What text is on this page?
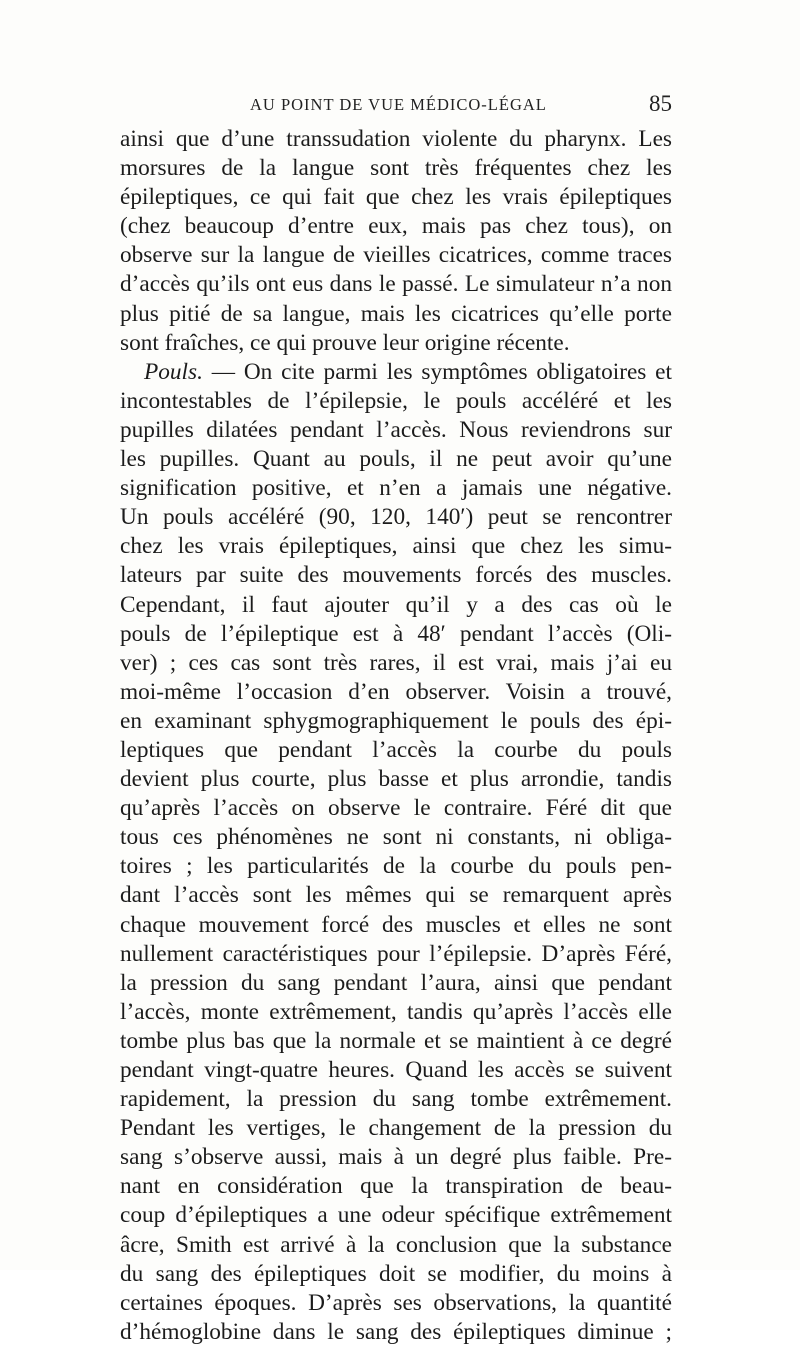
AU POINT DE VUE MÉDICO-LÉGAL	85
ainsi que d’une transsudation violente du pharynx. Les
morsures de la langue sont très fréquentes chez les
épileptiques, ce qui fait que chez les vrais épileptiques
(chez beaucoup d’entre eux, mais pas chez tous), on
observe sur la langue de vieilles cicatrices, comme traces
d’accès qu’ils ont eus dans le passé. Le simulateur n’a non
plus pitié de sa langue, mais les cicatrices qu’elle porte
sont fraîches, ce qui prouve leur origine récente.
Pouls. — On cite parmi les symptômes obligatoires et
incontestables de l’épilepsie, le pouls accéléré et les
pupilles dilatées pendant l’accès. Nous reviendrons sur
les pupilles. Quant au pouls, il ne peut avoir qu’une
signification positive, et n’en a jamais une négative.
Un pouls accéléré (90, 120, 140′) peut se rencontrer
chez les vrais épileptiques, ainsi que chez les simu-
lateurs par suite des mouvements forcés des muscles.
Cependant, il faut ajouter qu’il y a des cas où le
pouls de l’épileptique est à 48′ pendant l’accès (Oli-
ver) ; ces cas sont très rares, il est vrai, mais j’ai eu
moi-même l’occasion d’en observer. Voisin a trouvé,
en examinant sphygmographiquement le pouls des épi-
leptiques que pendant l’accès la courbe du pouls
devient plus courte, plus basse et plus arrondie, tandis
qu’après l’accès on observe le contraire. Féré dit que
tous ces phénomènes ne sont ni constants, ni obliga-
toires ; les particularités de la courbe du pouls pen-
dant l’accès sont les mêmes qui se remarquent après
chaque mouvement forcé des muscles et elles ne sont
nullement caractéristiques pour l’épilepsie. D’après Féré,
la pression du sang pendant l’aura, ainsi que pendant
l’accès, monte extrêmement, tandis qu’après l’accès elle
tombe plus bas que la normale et se maintient à ce degré
pendant vingt-quatre heures. Quand les accès se suivent
rapidement, la pression du sang tombe extrêmement.
Pendant les vertiges, le changement de la pression du
sang s’observe aussi, mais à un degré plus faible. Pre-
nant en considération que la transpiration de beau-
coup d’épileptiques a une odeur spécifique extrêmement
âcre, Smith est arrivé à la conclusion que la substance
du sang des épileptiques doit se modifier, du moins à
certaines époques. D’après ses observations, la quantité
d’hémoglobine dans le sang des épileptiques diminue ;
